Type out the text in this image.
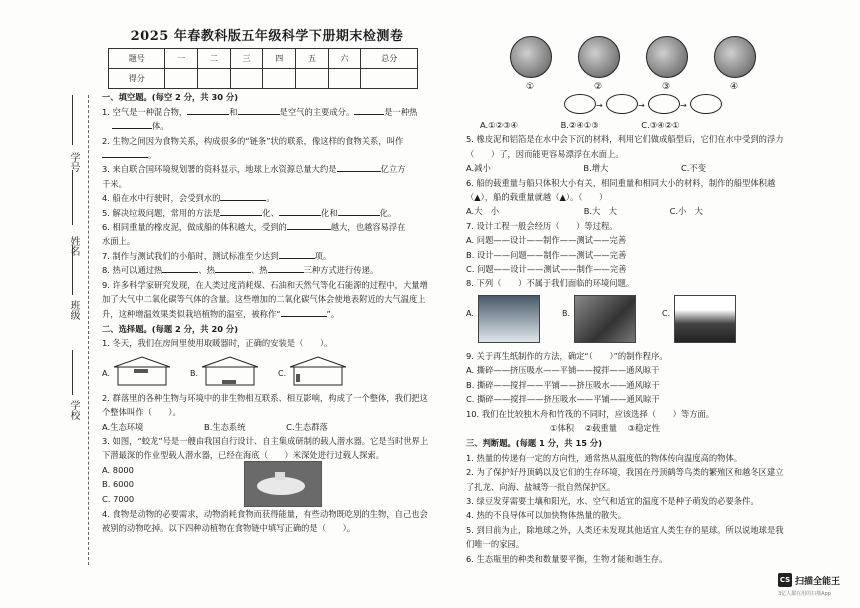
学校
班级
姓名
学号
2025 年春教科版五年级科学下册期末检测卷
题号	一	二	三	四	五	六	总分
得分							
一、填空题。(每空 2 分，共 30 分)
1. 空气是一种混合物，	和	是空气的主要成分。	是一种热
体。
2. 生物之间因为食物关系，构成很多的“链条”状的联系，像这样的食物关系，叫作。
3. 来自联合国环境规划署的资料显示，地球上水资源总量大约是	亿立方
千米。
4. 船在水中行驶时，会受到水的	。
5. 解决垃圾问题，常用的方法是	化、	化和	化。
6. 相同重量的橡皮泥，做成船的体积越大，受到的	越大，也越容易浮在
水面上。
7. 制作与测试我们的小船时，测试标准至少达到	项。
8. 热可以通过热	、热	、热	三种方式进行传递。
9. 许多科学家研究发现，在人类过度消耗煤、石油和天然气等化石能源的过程中，大量增加了大气中二氧化碳等气体的含量。这些增加的二氧化碳气体会使地表附近的大气温度上升，这种增温效果类似栽培植物的温室，被称作“	”。
二、选择题。(每题 2 分，共 20 分)
1. 冬天，我们在房间里使用取暖器时，正确的安装是（　　）。
A.	B.	C.
2. 群落里的各种生物与环境中的非生物相互联系、相互影响，构成了一个整体，我们把这个整体叫作（　　）。
A.生态环境	B.生态系统	C.生态群落
3. 如图，“蛟龙”号是一艘由我国自行设计、自主集成研制的载人潜水器。它是当时世界上下潜最深的作业型载人潜水器，已经在海底（　　）米深处进行过载人探索。
A. 8000
B. 6000
C. 7000
4. 食物是动物的必要需求，动物消耗食物而获得能量，有些动物既吃别的生物，自己也会被别的动物吃掉。以下四种动植物在食物链中填写正确的是（　　）。
①	②	③	④
→	→	→
A.①②③④	B.②④①③	C.③④②①
5. 橡皮泥和铝箔是在水中会下沉的材料，利用它们做成船型后，它们在水中受到的浮力（　　）了，因而能更容易漂浮在水面上。
A.减小	B.增大	C.不变
6. 船的载重量与船只体积大小有关，相同重量和相同大小的材料，制作的船型体积越（▲），船的载重量就越（▲）。（　　）
A.大　小	B.大　大	C.小　大
7. 设计工程一般会经历（　　）等过程。
A. 问题——设计——制作——测试——完善
B. 设计——问题——制作——测试——完善
C. 问题——设计——测试——制作——完善
8. 下列（　　）不属于我们面临的环境问题。
A.	B.	C.
9. 关于再生纸制作的方法，确定“（　　）”的制作程序。
A. 撕碎——挤压吸水——平铺——搅拌——通风晾干
B. 撕碎——搅拌——平铺——挤压吸水——通风晾干
C. 撕碎——搅拌——挤压吸水——平铺——通风晾干
10. 我们在比较独木舟和竹筏的不同时，应该选择（　　）等方面。
①体积 ②载重量 ③稳定性
三、判断题。(每题 1 分，共 15 分)
1. 热量的传递有一定的方向性，通常热从温度低的物体传向温度高的物体。
2. 为了保护好丹顶鹤以及它们的生存环境，我国在丹顶鹤等鸟类的繁殖区和越冬区建立了扎龙、向海、盐城等一批自然保护区。
3. 绿豆发芽需要土壤和阳光，水、空气和适宜的温度不是种子萌发的必要条件。
4. 热的不良导体可以加快物体热量的散失。
5. 到目前为止，除地球之外，人类还未发现其他适宜人类生存的星球。所以说地球是我们唯一的家园。
6. 生态瓶里的种类和数量要平衡，生物才能和谐生存。
CS 扫描全能王
3亿人都在用的扫描App
